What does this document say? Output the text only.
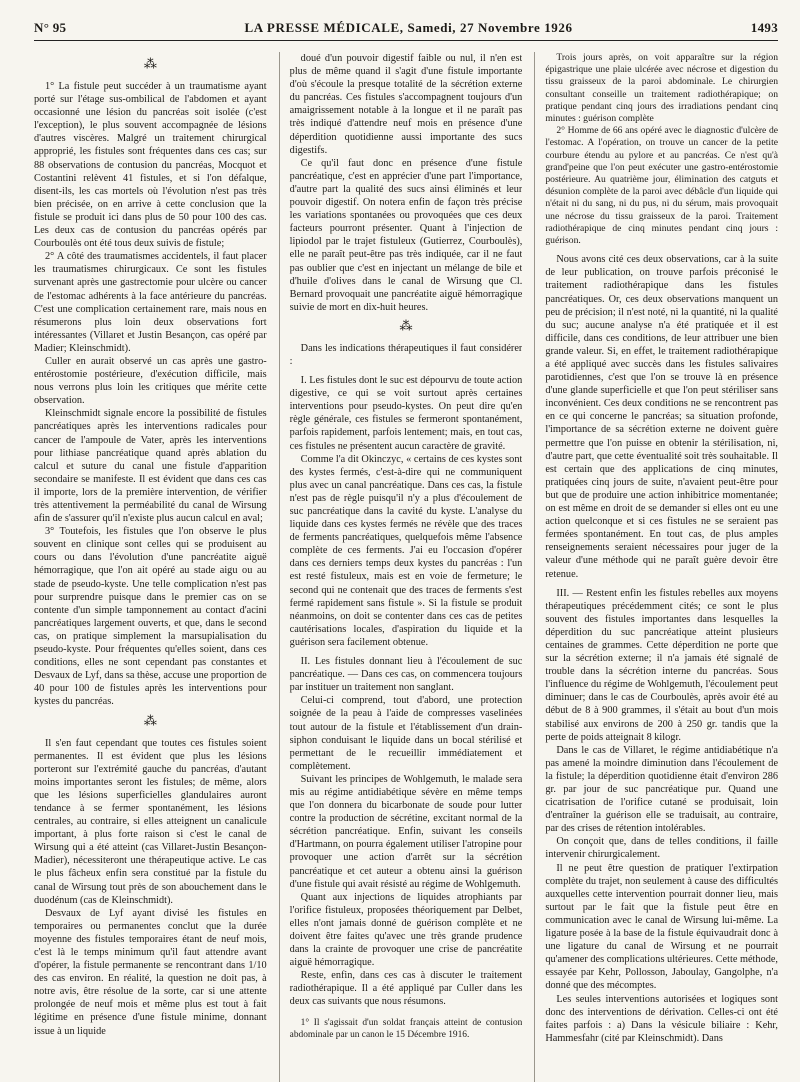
N° 95	LA PRESSE MÉDICALE, Samedi, 27 Novembre 1926	1493
⁂

1° La fistule peut succéder à un traumatisme ayant porté sur l'étage sus-ombilical de l'abdomen et ayant occasionné une lésion du pancréas soit isolée (c'est l'exception), le plus souvent accompagnée de lésions d'autres viscères. Malgré un traitement chirurgical approprié, les fistules sont fréquentes dans ces cas; sur 88 observations de contusion du pancréas, Mocquot et Costantini relèvent 41 fistules, et si l'on défalque, disent-ils, les cas mortels où l'évolution n'est pas très bien précisée, on en arrive à cette conclusion que la fistule se produit ici dans plus de 50 pour 100 des cas. Les deux cas de contusion du pancréas opérés par Courboulès ont été tous deux suivis de fistule;

2° A côté des traumatismes accidentels, il faut placer les traumatismes chirurgicaux. Ce sont les fistules survenant après une gastrectomie pour ulcère ou cancer de l'estomac adhérents à la face antérieure du pancréas. C'est une complication certainement rare, mais nous en résumerons plus loin deux observations fort intéressantes (Villaret et Justin Besançon, cas opéré par Madier; Kleinschmidt).

Culler en aurait observé un cas après une gastro-entérostomie postérieure, d'exécution difficile, mais nous verrons plus loin les critiques que mérite cette observation.

Kleinschmidt signale encore la possibilité de fistules pancréatiques après les interventions radicales pour cancer de l'ampoule de Vater, après les interventions pour lithiase pancréatique quand après ablation du calcul et suture du canal une fistule d'apparition secondaire se manifeste. Il est évident que dans ces cas il importe, lors de la première intervention, de vérifier très attentivement la perméabilité du canal de Wirsung afin de s'assurer qu'il n'existe plus aucun calcul en aval;

3° Toutefois, les fistules que l'on observe le plus souvent en clinique sont celles qui se produisent au cours ou dans l'évolution d'une pancréatite aiguë hémorragique, que l'on ait opéré au stade aigu ou au stade de pseudo-kyste. Une telle complication n'est pas pour surprendre puisque dans le premier cas on se contente d'un simple tamponnement au contact d'acini pancréatiques largement ouverts, et que, dans le second cas, on pratique simplement la marsupialisation du pseudo-kyste. Pour fréquentes qu'elles soient, dans ces conditions, elles ne sont cependant pas constantes et Desvaux de Lyf, dans sa thèse, accuse une proportion de 40 pour 100 de fistules après les interventions pour kystes du pancréas.

⁂

Il s'en faut cependant que toutes ces fistules soient permanentes. Il est évident que plus les lésions porteront sur l'extrémité gauche du pancréas, d'autant moins importantes seront les fistules; de même, alors que les lésions superficielles glandulaires auront tendance à se fermer spontanément, les lésions centrales, au contraire, si elles atteignent un canalicule important, à plus forte raison si c'est le canal de Wirsung qui a été atteint (cas Villaret-Justin Besançon-Madier), nécessiteront une thérapeutique active. Le cas le plus fâcheux enfin sera constitué par la fistule du canal de Wirsung tout près de son abouchement dans le duodénum (cas de Kleinschmidt).

Desvaux de Lyf ayant divisé les fistules en temporaires ou permanentes conclut que la durée moyenne des fistules temporaires étant de neuf mois, c'est là le temps minimum qu'il faut attendre avant d'opérer, la fistule permanente se rencontrant dans 1/10 des cas environ. En réalité, la question ne doit pas, à notre avis, être résolue de la sorte, car si une attente prolongée de neuf mois et même plus est tout à fait légitime en présence d'une fistule minime, donnant issue à un liquide

doué d'un pouvoir digestif faible ou nul, il n'en est plus de même quand il s'agit d'une fistule importante d'où s'écoule la presque totalité de la sécrétion externe du pancréas. Ces fistules s'accompagnent toujours d'un amaigrissement notable à la longue et il ne paraît pas très indiqué d'attendre neuf mois en présence d'une déperdition quotidienne aussi importante des sucs digestifs.

Ce qu'il faut donc en présence d'une fistule pancréatique, c'est en apprécier d'une part l'importance, d'autre part la qualité des sucs ainsi éliminés et leur pouvoir digestif. On notera enfin de façon très précise les variations spontanées ou provoquées que ces deux facteurs pourront présenter. Quant à l'injection de lipiodol par le trajet fistuleux (Gutierrez, Courboulès), elle ne paraît peut-être pas très indiquée, car il ne faut pas oublier que c'est en injectant un mélange de bile et d'huile d'olives dans le canal de Wirsung que Cl. Bernard provoquait une pancréatite aiguë hémorragique suivie de mort en dix-huit heures.

⁂

Dans les indications thérapeutiques il faut considérer :

I. Les fistules dont le suc est dépourvu de toute action digestive, ce qui se voit surtout après certaines interventions pour pseudo-kystes. On peut dire qu'en règle générale, ces fistules se fermeront spontanément, parfois rapidement, parfois lentement; mais, en tout cas, ces fistules ne présentent aucun caractère de gravité.

Comme l'a dit Okinczyc, « certains de ces kystes sont des kystes fermés, c'est-à-dire qui ne communiquent plus avec un canal pancréatique. Dans ces cas, la fistule n'est pas de règle puisqu'il n'y a plus d'écoulement de suc pancréatique dans la cavité du kyste. L'analyse du liquide dans ces kystes fermés ne révèle que des traces de ferments pancréatiques, quelquefois même l'absence complète de ces ferments. J'ai eu l'occasion d'opérer dans ces derniers temps deux kystes du pancréas : l'un est resté fistuleux, mais est en voie de fermeture; le second qui ne contenait que des traces de ferments s'est fermé rapidement sans fistule ». Si la fistule se produit néanmoins, on doit se contenter dans ces cas de petites cautérisations locales, d'aspiration du liquide et la guérison sera facilement obtenue.

II. Les fistules donnant lieu à l'écoulement de suc pancréatique. — Dans ces cas, on commencera toujours par instituer un traitement non sanglant.

Celui-ci comprend, tout d'abord, une protection soignée de la peau à l'aide de compresses vaselinées tout autour de la fistule et l'établissement d'un drain-siphon conduisant le liquide dans un bocal stérilisé et permettant de le recueillir immédiatement et complètement.

Suivant les principes de Wohlgemuth, le malade sera mis au régime antidiabétique sévère en même temps que l'on donnera du bicarbonate de soude pour lutter contre la production de sécrétine, excitant normal de la sécrétion pancréatique. Enfin, suivant les conseils d'Hartmann, on pourra également utiliser l'atropine pour provoquer une action d'arrêt sur la sécrétion pancréatique et cet auteur a obtenu ainsi la guérison d'une fistule qui avait résisté au régime de Wohlgemuth.

Quant aux injections de liquides atrophiants par l'orifice fistuleux, proposées théoriquement par Delbet, elles n'ont jamais donné de guérison complète et ne doivent être faites qu'avec une très grande prudence dans la crainte de provoquer une crise de pancréatite aiguë hémorragique.

Reste, enfin, dans ces cas à discuter le traitement radiothérapique. Il a été appliqué par Culler dans les deux cas suivants que nous résumons.

1° Il s'agissait d'un soldat français atteint de contusion abdominale par un canon le 15 Décembre 1916.

Trois jours après, on voit apparaître sur la région épigastrique une plaie ulcérée avec nécrose et digestion du tissu graisseux de la paroi abdominale. Le chirurgien consultant conseille un traitement radiothérapique; on pratique pendant cinq jours des irradiations pendant cinq minutes : guérison complète

2° Homme de 66 ans opéré avec le diagnostic d'ulcère de l'estomac. A l'opération, on trouve un cancer de la petite courbure étendu au pylore et au pancréas. Ce n'est qu'à grand'peine que l'on peut exécuter une gastro-entérostomie postérieure. Au quatrième jour, élimination des catguts et désunion complète de la paroi avec débâcle d'un liquide qui n'était ni du sang, ni du pus, ni du sérum, mais provoquait une nécrose du tissu graisseux de la paroi. Traitement radiothérapique de cinq minutes pendant cinq jours : guérison.

Nous avons cité ces deux observations, car à la suite de leur publication, on trouve parfois préconisé le traitement radiothérapique dans les fistules pancréatiques. Or, ces deux observations manquent un peu de précision; il n'est noté, ni la quantité, ni la qualité du suc; aucune analyse n'a été pratiquée et il est difficile, dans ces conditions, de leur attribuer une bien grande valeur. Si, en effet, le traitement radiothérapique a été appliqué avec succès dans les fistules salivaires parotidiennes, c'est que l'on se trouve là en présence d'une glande superficielle et que l'on peut stériliser sans inconvénient. Ces deux conditions ne se rencontrent pas en ce qui concerne le pancréas; sa situation profonde, l'importance de sa sécrétion externe ne doivent guère permettre que l'on puisse en obtenir la stérilisation, ni, d'autre part, que cette éventualité soit très souhaitable. Il est certain que des applications de cinq minutes, pratiquées cinq jours de suite, n'avaient peut-être pour but que de produire une action inhibitrice momentanée; on est même en droit de se demander si elles ont eu une action quelconque et si ces fistules ne se seraient pas fermées spontanément. En tout cas, de plus amples renseignements seraient nécessaires pour juger de la valeur d'une méthode qui ne paraît guère devoir être retenue.

III. — Restent enfin les fistules rebelles aux moyens thérapeutiques précédemment cités; ce sont le plus souvent des fistules importantes dans lesquelles la déperdition du suc pancréatique atteint plusieurs centaines de grammes. Cette déperdition ne porte que sur la sécrétion externe; il n'a jamais été signalé de trouble dans la sécrétion interne du pancréas. Sous l'influence du régime de Wohlgemuth, l'écoulement peut diminuer; dans le cas de Courboulès, après avoir été au début de 8 à 900 grammes, il s'était au bout d'un mois stabilisé aux environs de 200 à 250 gr. tandis que la perte de poids atteignait 8 kilogr.

Dans le cas de Villaret, le régime antidiabétique n'a pas amené la moindre diminution dans l'écoulement de la fistule; la déperdition quotidienne était d'environ 286 gr. par jour de suc pancréatique pur. Quand une cicatrisation de l'orifice cutané se produisait, loin d'entraîner la guérison elle se traduisait, au contraire, par des crises de rétention intolérables.

On conçoit que, dans de telles conditions, il faille intervenir chirurgicalement.

Il ne peut être question de pratiquer l'extirpation complète du trajet, non seulement à cause des difficultés auxquelles cette intervention pourrait donner lieu, mais surtout par le fait que la fistule peut être en communication avec le canal de Wirsung lui-même. La ligature posée à la base de la fistule équivaudrait donc à une ligature du canal de Wirsung et ne pourrait qu'amener des complications ultérieures. Cette méthode, essayée par Kehr, Pollosson, Jaboulay, Gangolphe, n'a donné que des mécomptes.

Les seules interventions autorisées et logiques sont donc des interventions de dérivation. Celles-ci ont été faites parfois : a) Dans la vésicule biliaire : Kehr, Hammesfahr (cité par Kleinschmidt). Dans
